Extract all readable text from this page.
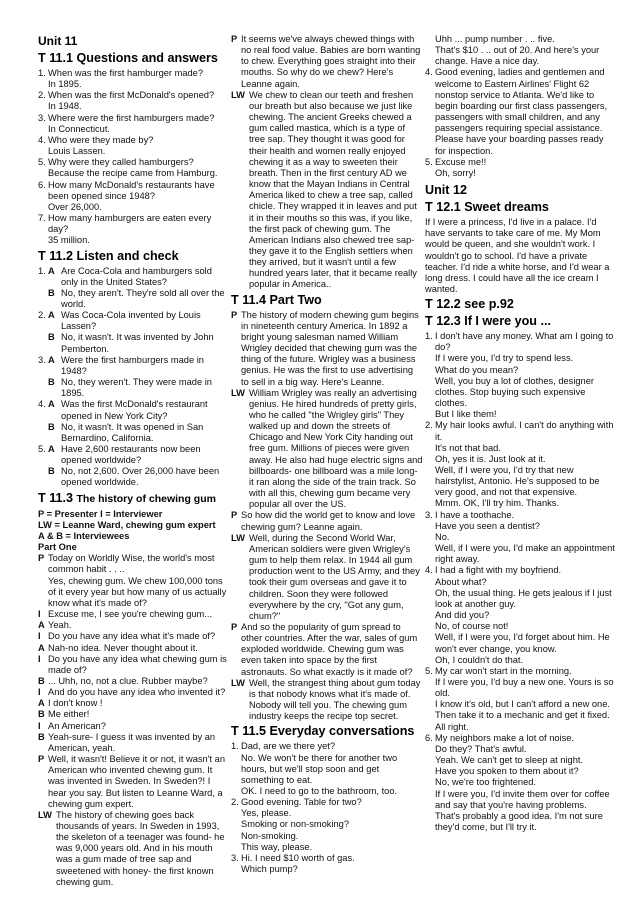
Unit 11
T 11.1 Questions and answers
1. When was the first hamburger made?
In 1895.
2. When was the first McDonald's opened?
In 1948.
3. Where were the first hamburgers made?
In Connecticut.
4. Who were they made by?
Louis Lassen.
5. Why were they called hamburgers?
Because the recipe came from Hamburg.
6. How many McDonald's restaurants have been opened since 1948?
Over 26,000.
7. How many hamburgers are eaten every day?
35 million.
T 11.2 Listen and check
1. A Are Coca-Cola and hamburgers sold only in the United States?
B No, they aren't. They're sold all over the world.
2. A Was Coca-Cola invented by Louis Lassen?
B No, it wasn't. It was invented by John Pemberton.
3. A Were the first hamburgers made in 1948?
B No, they weren't. They were made in 1895.
4. A Was the first McDonald's restaurant opened in New York City?
B No, it wasn't. It was opened in San Bernardino, California.
5. A Have 2,600 restaurants now been opened worldwide?
B No, not 2,600. Over 26,000 have been opened worldwide.
T 11.3 The history of chewing gum
P = Presenter I = Interviewer
LW = Leanne Ward, chewing gum expert
A & B = Interviewees
Part One
P Today on Worldly Wise, the world's most common habit . . ..
Yes, chewing gum. We chew 100,000 tons of it every year but how many of us actually know what it's made of?
I Excuse me, I see you're chewing gum...
A Yeah.
I Do you have any idea what it's made of?
A Nah-no idea. Never thought about it.
I Do you have any idea what chewing gum is made of?
B ... Uhh, no, not a clue. Rubber maybe?
I And do you have any idea who invented it?
A I don't know !
B Me either!
I An American?
B Yeah-sure- I guess it was invented by an American, yeah.
P Well, it wasn't! Believe it or not, it wasn't an American who invented chewing gum. It was invented in Sweden. In Sweden?! I hear you say. But listen to Leanne Ward, a chewing gum expert.
LW The history of chewing goes back thousands of years. In Sweden in 1993, the skeleton of a teenager was found- he was 9,000 years old. And in his mouth was a gum made of tree sap and sweetened with honey- the first known chewing gum.
P It seems we've always chewed things with no real food value. Babies are born wanting to chew. Everything goes straight into their mouths. So why do we chew? Here's Leanne again.
LW We chew to clean our teeth and freshen our breath but also because we just like chewing. The ancient Greeks chewed a gum called mastica, which is a type of tree sap. They thought it was good for their health and women really enjoyed chewing it as a way to sweeten their breath. Then in the first century AD we know that the Mayan Indians in Central America liked to chew a tree sap, called chicle. They wrapped it in leaves and put it in their mouths so this was, if you like, the first pack of chewing gum. The American Indians also chewed tree sap- they gave it to the English settlers when they arrived, but it wasn't until a few hundred years later, that it became really popular in America..
T 11.4 Part Two
P The history of modern chewing gum begins in nineteenth century America. In 1892 a bright young salesman named William Wrigley decided that chewing gum was the thing of the future. Wrigley was a business genius. He was the first to use advertising to sell in a big way. Here's Leanne.
LW William Wrigley was really an advertising genius. He hired hundreds of pretty girls, who he called "the Wrigley girls" They walked up and down the streets of Chicago and New York City handing out free gum. Millions of pieces were given away. He also had huge electric signs and billboards- one billboard was a mile long- it ran along the side of the train track. So with all this, chewing gum became very popular all over the US.
P So how did the world get to know and love chewing gum? Leanne again.
LW Well, during the Second World War, American soldiers were given Wrigley's gum to help them relax. In 1944 all gum production went to the US Army, and they took their gum overseas and gave it to children. Soon they were followed everywhere by the cry, "Got any gum, chum?"
P And so the popularity of gum spread to other countries. After the war, sales of gum exploded worldwide. Chewing gum was even taken into space by the first astronauts. So what exactly is it made of?
LW Well, the strangest thing about gum today is that nobody knows what it's made of. Nobody will tell you. The chewing gum industry keeps the recipe top secret.
T 11.5 Everyday conversations
1. Dad, are we there yet?
No. We won't be there for another two hours, but we'll stop soon and get something to eat.
OK. I need to go to the bathroom, too.
2. Good evening. Table for two?
Yes, please.
Smoking or non-smoking?
Non-smoking.
This way, please.
3. Hi. I need $10 worth of gas.
Which pump?
Uhh ... pump number . .. five.
That's $10 . .. out of 20. And here's your change. Have a nice day.
4. Good evening, ladies and gentlemen and welcome to Eastern Airlines' Flight 62 nonstop service to Atlanta. We'd like to begin boarding our first class passengers, passengers with small children, and any passengers requiring special assistance. Please have your boarding passes ready for inspection.
5. Excuse me!!
Oh, sorry!
Unit 12
T 12.1 Sweet dreams
If I were a princess, I'd live in a palace. I'd have servants to take care of me. My Mom would be queen, and she wouldn't work. I wouldn't go to school. I'd have a private teacher. I'd ride a white horse, and I'd wear a long dress. I could have all the ice cream I wanted.
T 12.2 see p.92
T 12.3 If I were you ...
1. I don't have any money. What am I going to do?
If I were you, I'd try to spend less.
What do you mean?
Well, you buy a lot of clothes, designer clothes. Stop buying such expensive clothes.
But I like them!
2. My hair looks awful. I can't do anything with it.
It's not that bad.
Oh, yes it is. Just look at it.
Well, if I were you, I'd try that new hairstylist, Antonio. He's supposed to be very good, and not that expensive.
Mmm. OK, I'll try him. Thanks.
3. I have a toothache.
Have you seen a dentist?
No.
Well, if I were you, I'd make an appointment right away.
4. I had a fight with my boyfriend.
About what?
Oh, the usual thing. He gets jealous if I just look at another guy.
And did you?
No, of course not!
Well, if I were you, I'd forget about him. He won't ever change, you know.
Oh, I couldn't do that.
5. My car won't start in the morning.
If I were you, I'd buy a new one. Yours is so old.
I know it's old, but I can't afford a new one. Then take it to a mechanic and get it fixed.
All right.
6. My neighbors make a lot of noise.
Do they? That's awful.
Yeah. We can't get to sleep at night.
Have you spoken to them about it?
No, we're too frightened.
If I were you, I'd invite them over for coffee and say that you're having problems.
That's probably a good idea. I'm not sure they'd come, but I'll try it.
